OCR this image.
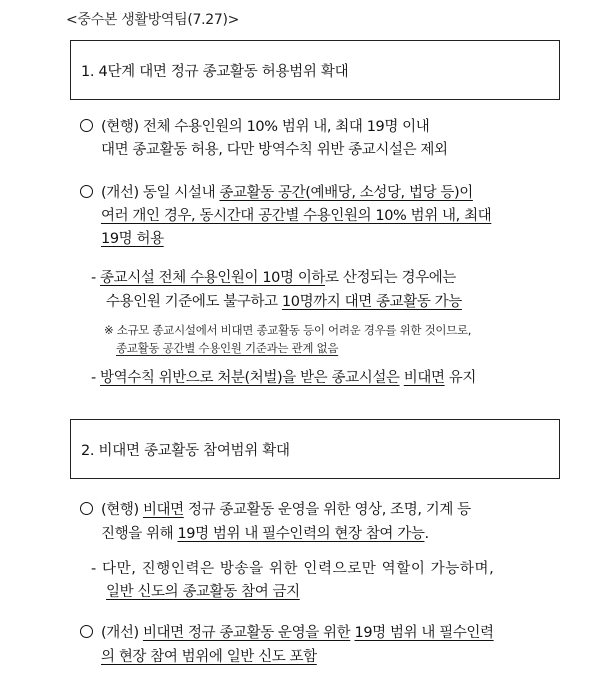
<중수본 생활방역팀(7.27)>
1. 4단계 대면 정규 종교활동 허용범위 확대
(현행) 전체 수용인원의 10% 범위 내, 최대 19명 이내
대면 종교활동 허용, 다만 방역수칙 위반 종교시설은 제외
(개선) 동일 시설내 종교활동 공간(예배당, 소성당, 법당 등)이
여러 개인 경우, 동시간대 공간별 수용인원의 10% 범위 내, 최대
19명 허용
- 종교시설 전체 수용인원이 10명 이하로 산정되는 경우에는
수용인원 기준에도 불구하고 10명까지 대면 종교활동 가능
※ 소규모 종교시설에서 비대면 종교활동 등이 어려운 경우를 위한 것이므로,
종교활동 공간별 수용인원 기준과는 관계 없음
- 방역수칙 위반으로 처분(처벌)을 받은 종교시설은 비대면 유지
2. 비대면 종교활동 참여범위 확대
(현행) 비대면 정규 종교활동 운영을 위한 영상, 조명, 기계 등
진행을 위해 19명 범위 내 필수인력의 현장 참여 가능.
- 다만, 진행인력은 방송을 위한 인력으로만 역할이 가능하며,
일반 신도의 종교활동 참여 금지
(개선) 비대면 정규 종교활동 운영을 위한 19명 범위 내 필수인력
의 현장 참여 범위에 일반 신도 포함
